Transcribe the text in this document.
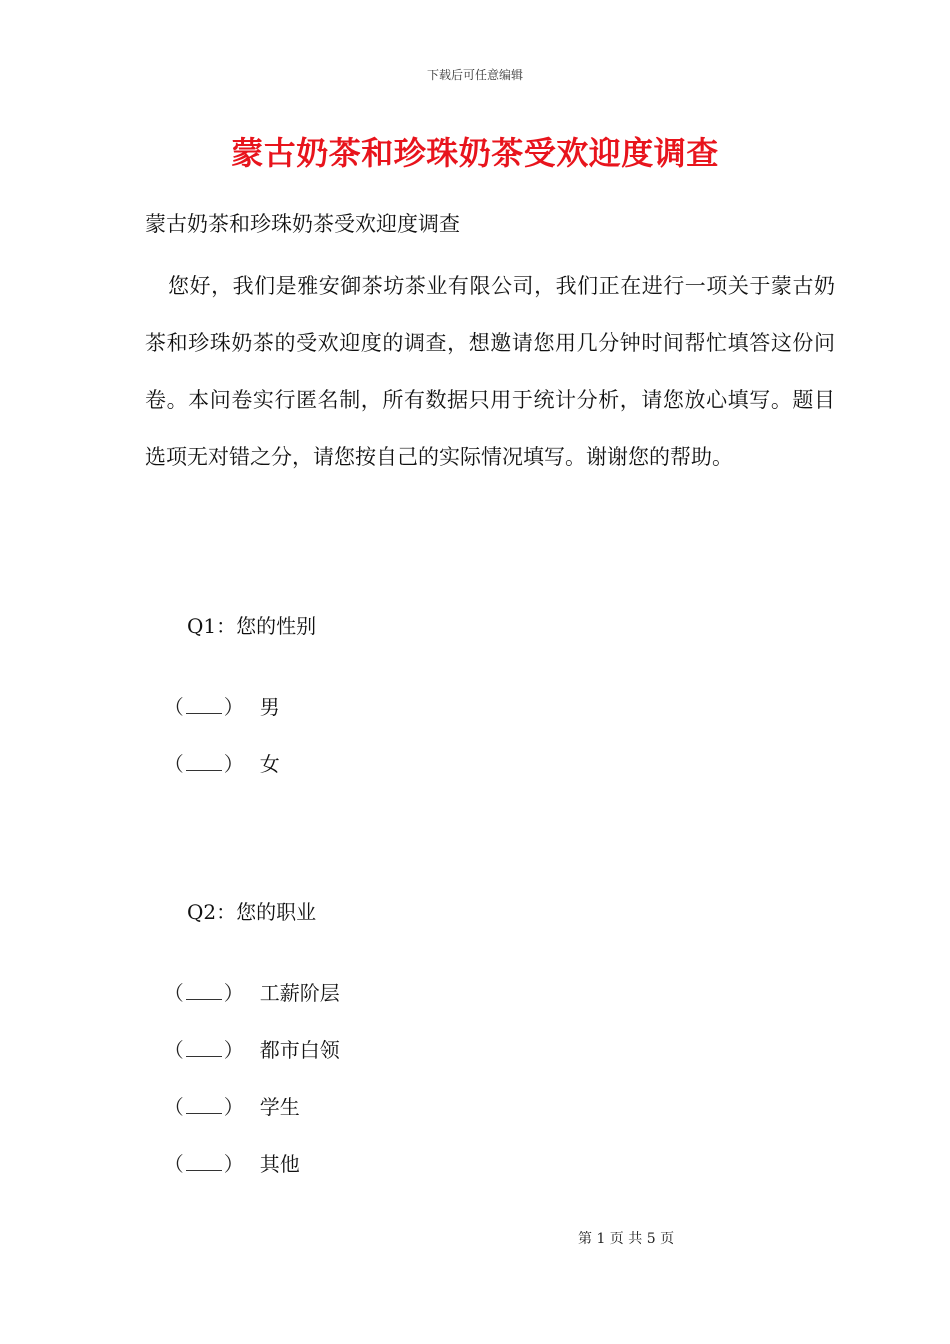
下载后可任意编辑
蒙古奶茶和珍珠奶茶受欢迎度调查
蒙古奶茶和珍珠奶茶受欢迎度调查

您好，我们是雅安御茶坊茶业有限公司，我们正在进行一项关于蒙古奶茶和珍珠奶茶的受欢迎度的调查，想邀请您用几分钟时间帮忙填答这份问卷。本问卷实行匿名制，所有数据只用于统计分析，请您放心填写。题目选项无对错之分，请您按自己的实际情况填写。谢谢您的帮助。

Q1：您的性别

（ ） 男

（ ） 女

Q2：您的职业

（ ） 工薪阶层

（ ） 都市白领

（ ） 学生

（ ） 其他

第 1 页 共 5 页
